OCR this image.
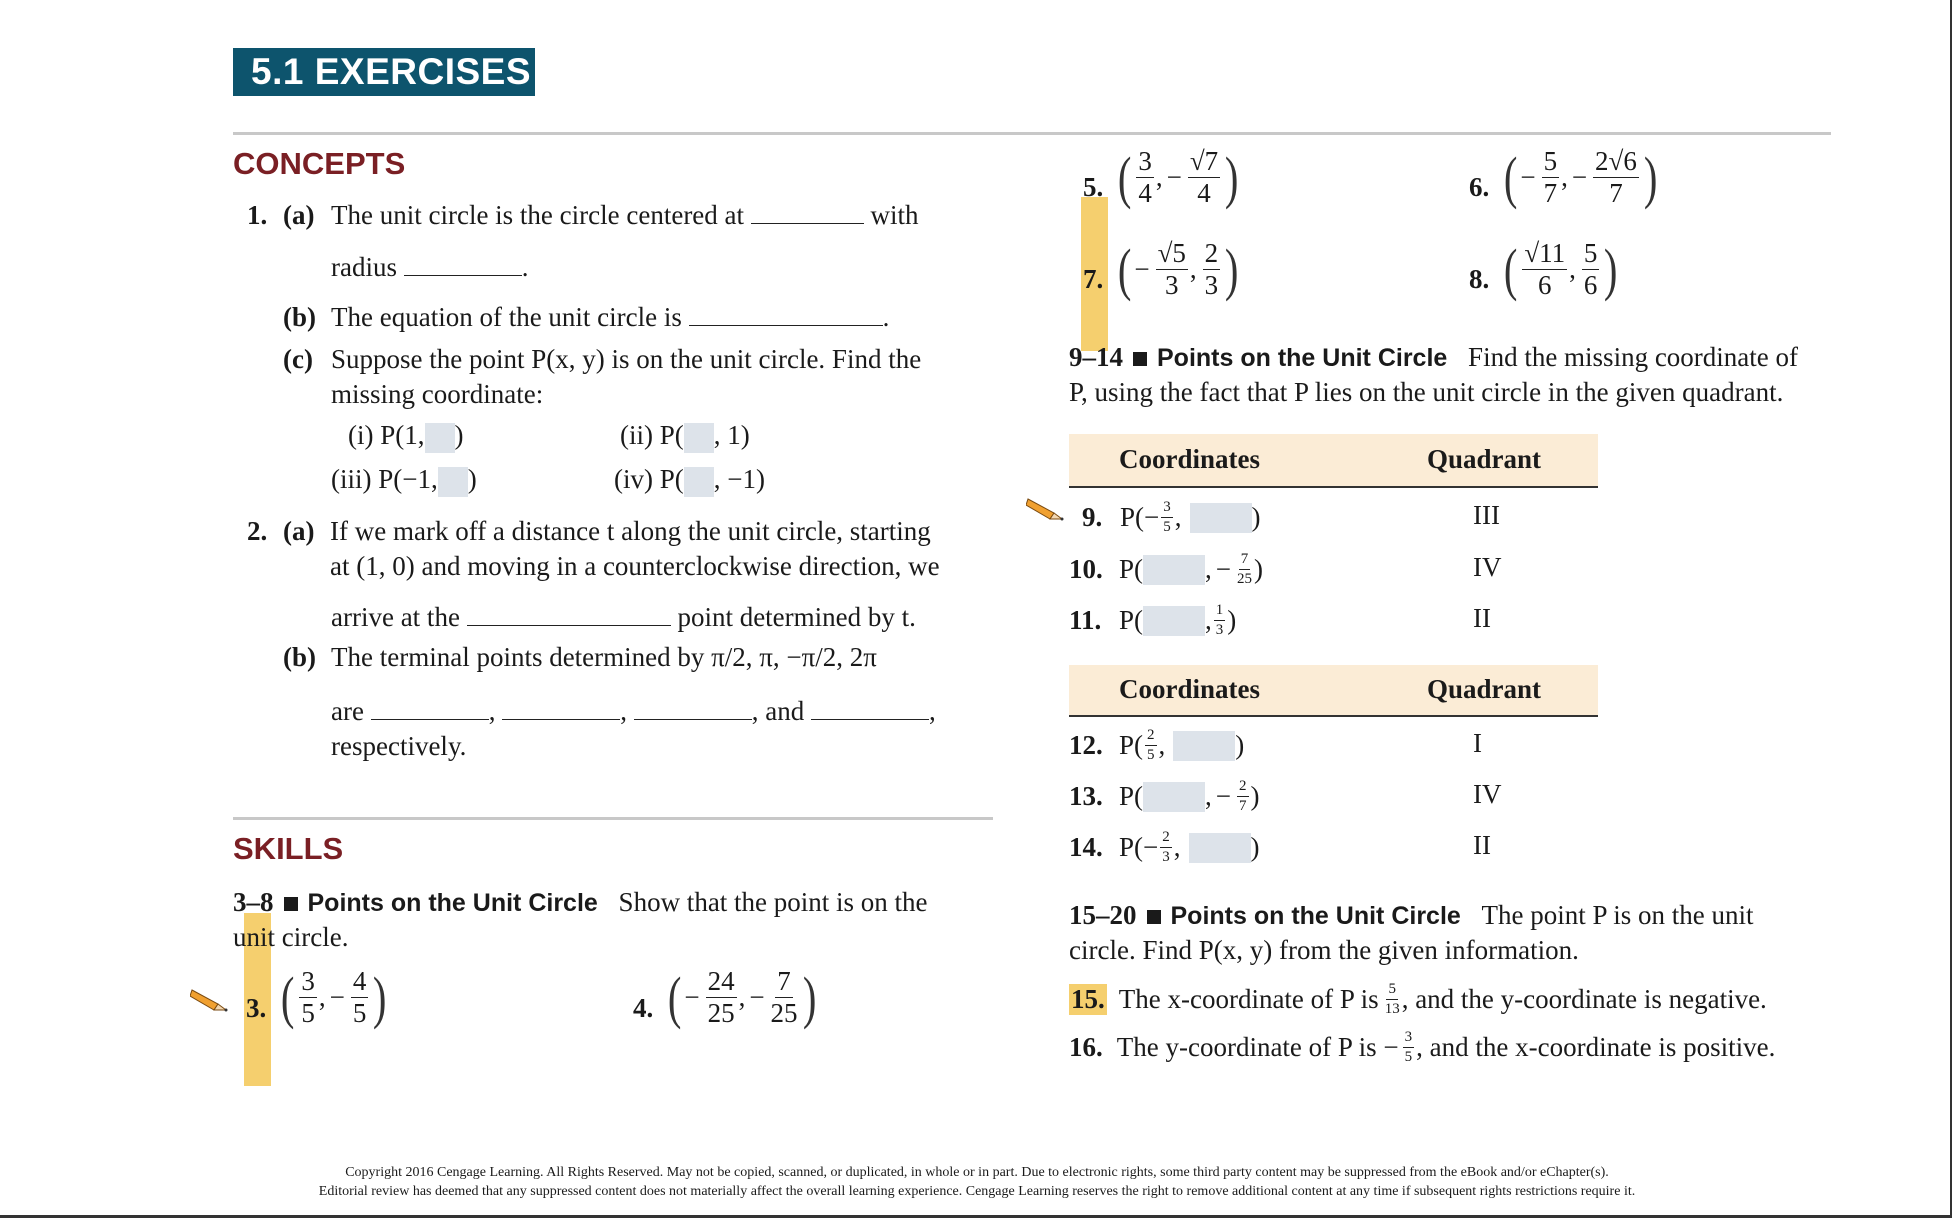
5.1 EXERCISES
CONCEPTS
1. (a) The unit circle is the circle centered at	with
radius	.
(b) The equation of the unit circle is	.
(c) Suppose the point P(x, y) is on the unit circle. Find the
missing coordinate:
(i) P(1, )	(ii) P( , 1)
(iii) P(−1, )	(iv) P( , −1)
2. (a) If we mark off a distance t along the unit circle, starting
at (1, 0) and moving in a counterclockwise direction, we
arrive at the	point determined by t.
(b) The terminal points determined by π/2, π, −π/2, 2π
are	,	,	, and	,
respectively.
SKILLS
3–8 Points on the Unit Circle Show that the point is on the
unit circle.
3. ( $\frac{3}{5}$ , − $\frac{4}{5}$ )	4. ( − $\frac{24}{25}$ , − $\frac{7}{25}$ )
5. ( $\frac{3}{4}$ , − $\frac{√7}{4}$ )	6. ( − $\frac{5}{7}$ , − $\frac{2√6}{7}$ )
7. ( − $\frac{√5}{3}$ , $\frac{2}{3}$ )	8. ( $\frac{√11}{6}$ , $\frac{5}{6}$ )
9–14 Points on the Unit Circle Find the missing coordinate of
P, using the fact that P lies on the unit circle in the given quadrant.
Coordinates	Quadrant
9. $P( - \frac{3}{5}$ ,	)	III
10. P( , − $\frac{7}{25}$ )	IV
11. P( , $\frac{1}{3}$ )	II
Coordinates	Quadrant
12. $P( \frac{2}{5}$ ,	)	I
13. P( , − $\frac{2}{7}$ )	IV
14. $P( - \frac{2}{3}$ ,	)	II
15–20 Points on the Unit Circle The point P is on the unit
circle. Find P(x, y) from the given information.
15. The x-coordinate of P is $\frac{5}{13}$ , and the y-coordinate is negative.
16. The y-coordinate of P is − $\frac{3}{5}$ , and the x-coordinate is positive.
Copyright 2016 Cengage Learning. All Rights Reserved. May not be copied, scanned, or duplicated, in whole or in part. Due to electronic rights, some third party content may be suppressed from the eBook and/or eChapter(s).
Editorial review has deemed that any suppressed content does not materially affect the overall learning experience. Cengage Learning reserves the right to remove additional content at any time if subsequent rights restrictions require it.
